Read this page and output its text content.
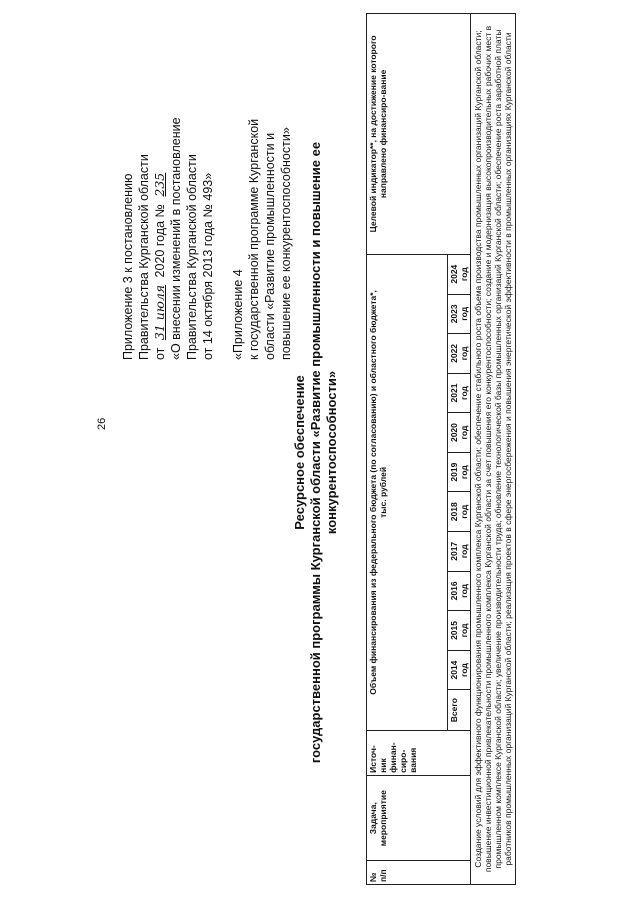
26
Приложение 3 к постановлению Правительства Курганской области от 31 июля 2020 года № 235 «О внесении изменений в постановление Правительства Курганской области от 14 октября 2013 года № 493» «Приложение 4 к государственной программе Курганской области «Развитие промышленности и повышение ее конкурентоспособности»
Ресурсное обеспечение государственной программы Курганской области «Развитие промышленности и повышение ее конкурентоспособности»
№ п/п	Задача, мероприятие	Источ-ник финан-сиро-вания	Объем финансирования из федерального бюджета (по согласованию) и областного бюджета*, тыс. рублей												Целевой индикатор**, на достижение которого направлено финансиро-вание
			Всего	2014 год	2015 год	2016 год	2017 год	2018 год	2019 год	2020 год	2021 год	2022 год	2023 год	2024 год	
Создание условий для эффективного функционирования промышленного комплекса Курганской области; обеспечение стабильного роста объема производства промышленных организаций Курганской области; повышение инвестиционной привлекательности промышленного комплекса Курганской области за счет повышения его конкурентоспособности; создание и модернизация высокопроизводительных рабочих мест в промышленном комплексе Курганской области; увеличение производительности труда; обновление технологической базы промышленных организаций Курганской области; обеспечение роста заработной платы работников промышленных организаций Курганской области; реализация проектов в сфере энергосбережения и повышения энергетической эффективности в промышленных организациях Курганской области															
